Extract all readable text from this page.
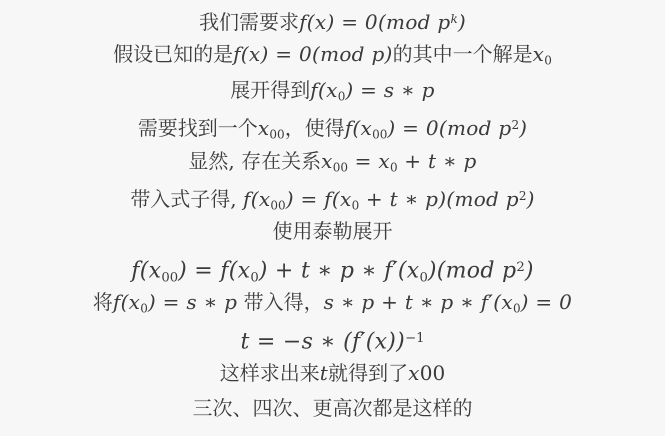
我们需要求f(x) = 0(mod $p^k$)
假设已知的是f(x) = 0(mod p)的其中一个解是x0
展开得到f(x0) = s ∗ p
需要找到一个x00，使得f(x00) = 0(mod $p^2$)
显然, 存在关系x00 = x0 + t ∗ p
带入式子得, f(x00) = f(x0 + t ∗ p)(mod $p^2$)
使用泰勒展开
f(x00) = f(x0) + t ∗ p ∗ f′(x0)(mod $p^2$)
将f(x0) = s ∗ p 带入得，s ∗ p + t ∗ p ∗ f′(x0) = 0
t = −s ∗ $(f'(x))^{-1}$
这样求出来t就得到了x00
三次、四次、更高次都是这样的
